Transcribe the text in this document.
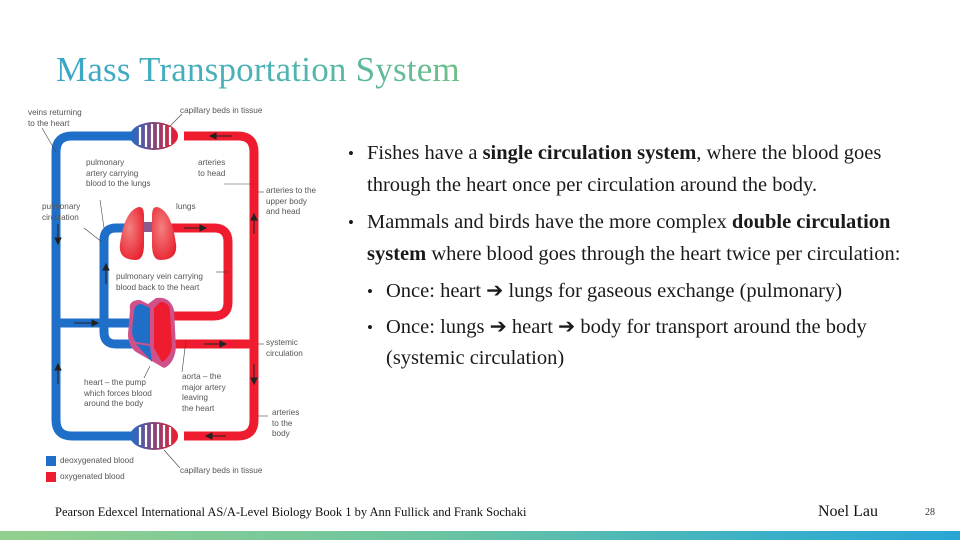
Mass Transportation System
veins returning
to the heart
capillary beds in tissue
pulmonary
artery carrying
blood to the lungs
arteries
to head
arteries to the
upper body
and head
pulmonary
circulation
lungs
pulmonary vein carrying
blood back to the heart
systemic
circulation
heart – the pump
which forces blood
around the body
aorta – the
major artery
leaving
the heart	arteries
to the
body
capillary beds in tissue
deoxygenated blood
oxygenated blood
• Fishes have a single circulation system, where the blood goes through the heart once per circulation around the body.
• Mammals and birds have the more complex double circulation system where blood goes through the heart twice per circulation:
• Once: heart ➔ lungs for gaseous exchange (pulmonary)
• Once: lungs ➔ heart ➔ body for transport around the body (systemic circulation)
Pearson Edexcel International AS/A-Level Biology Book 1 by Ann Fullick and Frank Sochaki	Noel Lau	28
